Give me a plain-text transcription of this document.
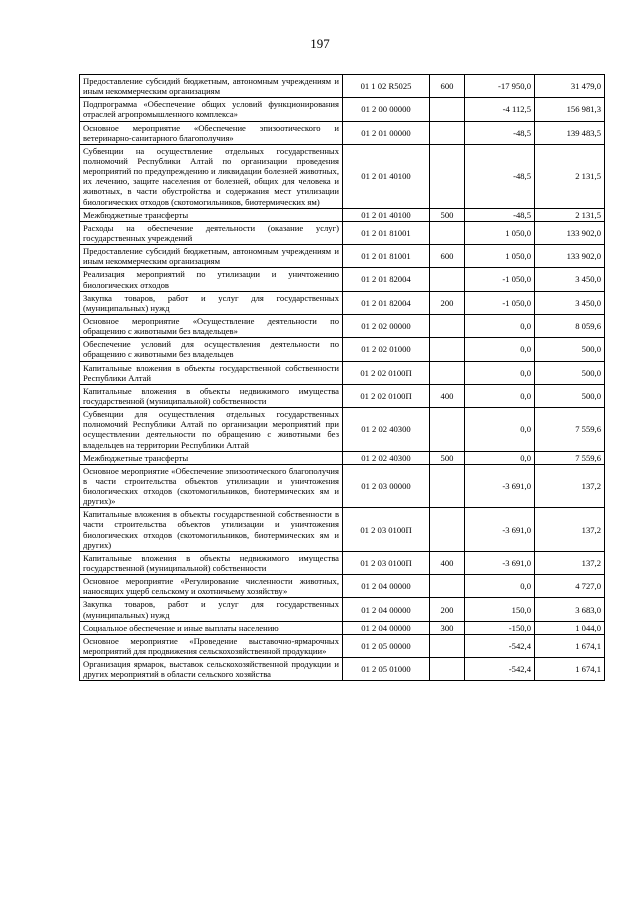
197
Предоставление субсидий бюджетным, автономным учреждениям и иным некоммерческим организациям	01 1 02 R5025	600	-17 950,0	31 479,0
Подпрограмма «Обеспечение общих условий функционирования отраслей агропромышленного комплекса»	01 2 00 00000		-4 112,5	156 981,3
Основное мероприятие «Обеспечение эпизоотического и ветеринарно-санитарного благополучия»	01 2 01 00000		-48,5	139 483,5
Субвенции на осуществление отдельных государственных полномочий Республики Алтай по организации проведения мероприятий по предупреждению и ликвидации болезней животных, их лечению, защите населения от болезней, общих для человека и животных, в части обустройства и содержания мест утилизации биологических отходов (скотомогильников, биотермических ям)	01 2 01 40100		-48,5	2 131,5
Межбюджетные трансферты	01 2 01 40100	500	-48,5	2 131,5
Расходы на обеспечение деятельности (оказание услуг) государственных учреждений	01 2 01 81001		1 050,0	133 902,0
Предоставление субсидий бюджетным, автономным учреждениям и иным некоммерческим организациям	01 2 01 81001	600	1 050,0	133 902,0
Реализация мероприятий по утилизации и уничтожению биологических отходов	01 2 01 82004		-1 050,0	3 450,0
Закупка товаров, работ и услуг для государственных (муниципальных) нужд	01 2 01 82004	200	-1 050,0	3 450,0
Основное мероприятие «Осуществление деятельности по обращению с животными без владельцев»	01 2 02 00000		0,0	8 059,6
Обеспечение условий для осуществления деятельности по обращению с животными без владельцев	01 2 02 01000		0,0	500,0
Капитальные вложения в объекты государственной собственности Республики Алтай	01 2 02 0100П		0,0	500,0
Капитальные вложения в объекты недвижимого имущества государственной (муниципальной) собственности	01 2 02 0100П	400	0,0	500,0
Субвенции для осуществления отдельных государственных полномочий Республики Алтай по организации мероприятий при осуществлении деятельности по обращению с животными без владельцев на территории Республики Алтай	01 2 02 40300		0,0	7 559,6
Межбюджетные трансферты	01 2 02 40300	500	0,0	7 559,6
Основное мероприятие «Обеспечение эпизоотического благополучия в части строительства объектов утилизации и уничтожения биологических отходов (скотомогильников, биотермических ям и других)»	01 2 03 00000		-3 691,0	137,2
Капитальные вложения в объекты государственной собственности в части строительства объектов утилизации и уничтожения биологических отходов (скотомогильников, биотермических ям и других)	01 2 03 0100П		-3 691,0	137,2
Капитальные вложения в объекты недвижимого имущества государственной (муниципальной) собственности	01 2 03 0100П	400	-3 691,0	137,2
Основное мероприятие «Регулирование численности животных, наносящих ущерб сельскому и охотничьему хозяйству»	01 2 04 00000		0,0	4 727,0
Закупка товаров, работ и услуг для государственных (муниципальных) нужд	01 2 04 00000	200	150,0	3 683,0
Социальное обеспечение и иные выплаты населению	01 2 04 00000	300	-150,0	1 044,0
Основное мероприятие «Проведение выставочно-ярмарочных мероприятий для продвижения сельскохозяйственной продукции»	01 2 05 00000		-542,4	1 674,1
Организация ярмарок, выставок сельскохозяйственной продукции и других мероприятий в области сельского хозяйства	01 2 05 01000		-542,4	1 674,1
